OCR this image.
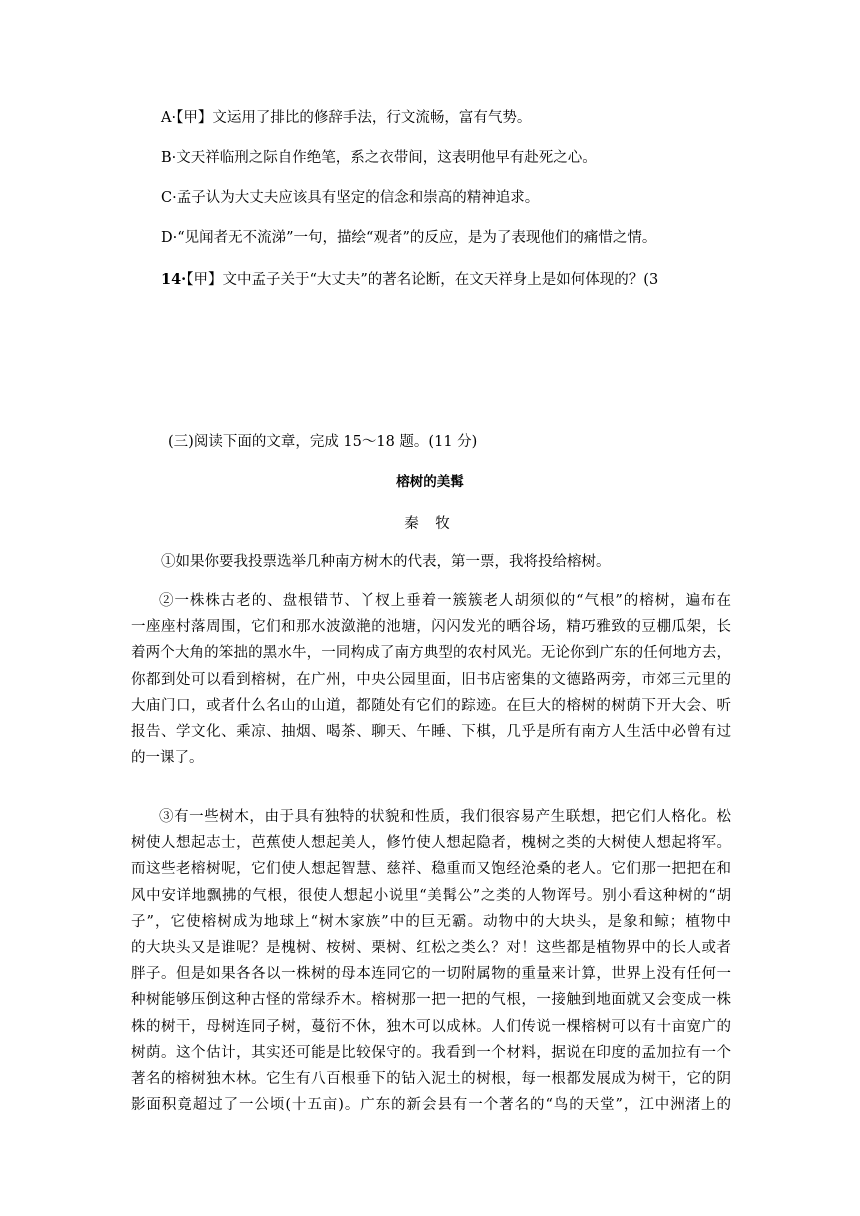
A·【甲】文运用了排比的修辞手法，行文流畅，富有气势。
B·文天祥临刑之际自作绝笔，系之衣带间，这表明他早有赴死之心。
C·孟子认为大丈夫应该具有坚定的信念和崇高的精神追求。
D·“见闻者无不流涕”一句，描绘“观者”的反应，是为了表现他们的痛惜之情。
14·【甲】文中孟子关于“大丈夫”的著名论断，在文天祥身上是如何体现的？(3
(三)阅读下面的文章，完成 15～18 题。(11 分)
榕树的美髯
秦 牧
①如果你要我投票选举几种南方树木的代表，第一票，我将投给榕树。
②一株株古老的、盘根错节、丫杈上垂着一簇簇老人胡须似的“气根”的榕树，遍布在
一座座村落周围，它们和那水波潋滟的池塘，闪闪发光的晒谷场，精巧雅致的豆棚瓜架，长
着两个大角的笨拙的黑水牛，一同构成了南方典型的农村风光。无论你到广东的任何地方去，
你都到处可以看到榕树，在广州，中央公园里面，旧书店密集的文德路两旁，市郊三元里的
大庙门口，或者什么名山的山道，都随处有它们的踪迹。在巨大的榕树的树荫下开大会、听
报告、学文化、乘凉、抽烟、喝茶、聊天、午睡、下棋，几乎是所有南方人生活中必曾有过
的一课了。
③有一些树木，由于具有独特的状貌和性质，我们很容易产生联想，把它们人格化。松
树使人想起志士，芭蕉使人想起美人，修竹使人想起隐者，槐树之类的大树使人想起将军。
而这些老榕树呢，它们使人想起智慧、慈祥、稳重而又饱经沧桑的老人。它们那一把把在和
风中安详地飘拂的气根，很使人想起小说里“美髯公”之类的人物诨号。别小看这种树的“胡
子”，它使榕树成为地球上“树木家族”中的巨无霸。动物中的大块头，是象和鲸；植物中
的大块头又是谁呢？是槐树、桉树、栗树、红松之类么？对！这些都是植物界中的长人或者
胖子。但是如果各各以一株树的母本连同它的一切附属物的重量来计算，世界上没有任何一
种树能够压倒这种古怪的常绿乔木。榕树那一把一把的气根，一接触到地面就又会变成一株
株的树干，母树连同子树，蔓衍不休，独木可以成林。人们传说一棵榕树可以有十亩宽广的
树荫。这个估计，其实还可能是比较保守的。我看到一个材料，据说在印度的孟加拉有一个
著名的榕树独木林。它生有八百根垂下的钻入泥土的树根，每一根都发展成为树干，它的阴
影面积竟超过了一公顷(十五亩)。广东的新会县有一个著名的“鸟的天堂”，江中洲渚上的
